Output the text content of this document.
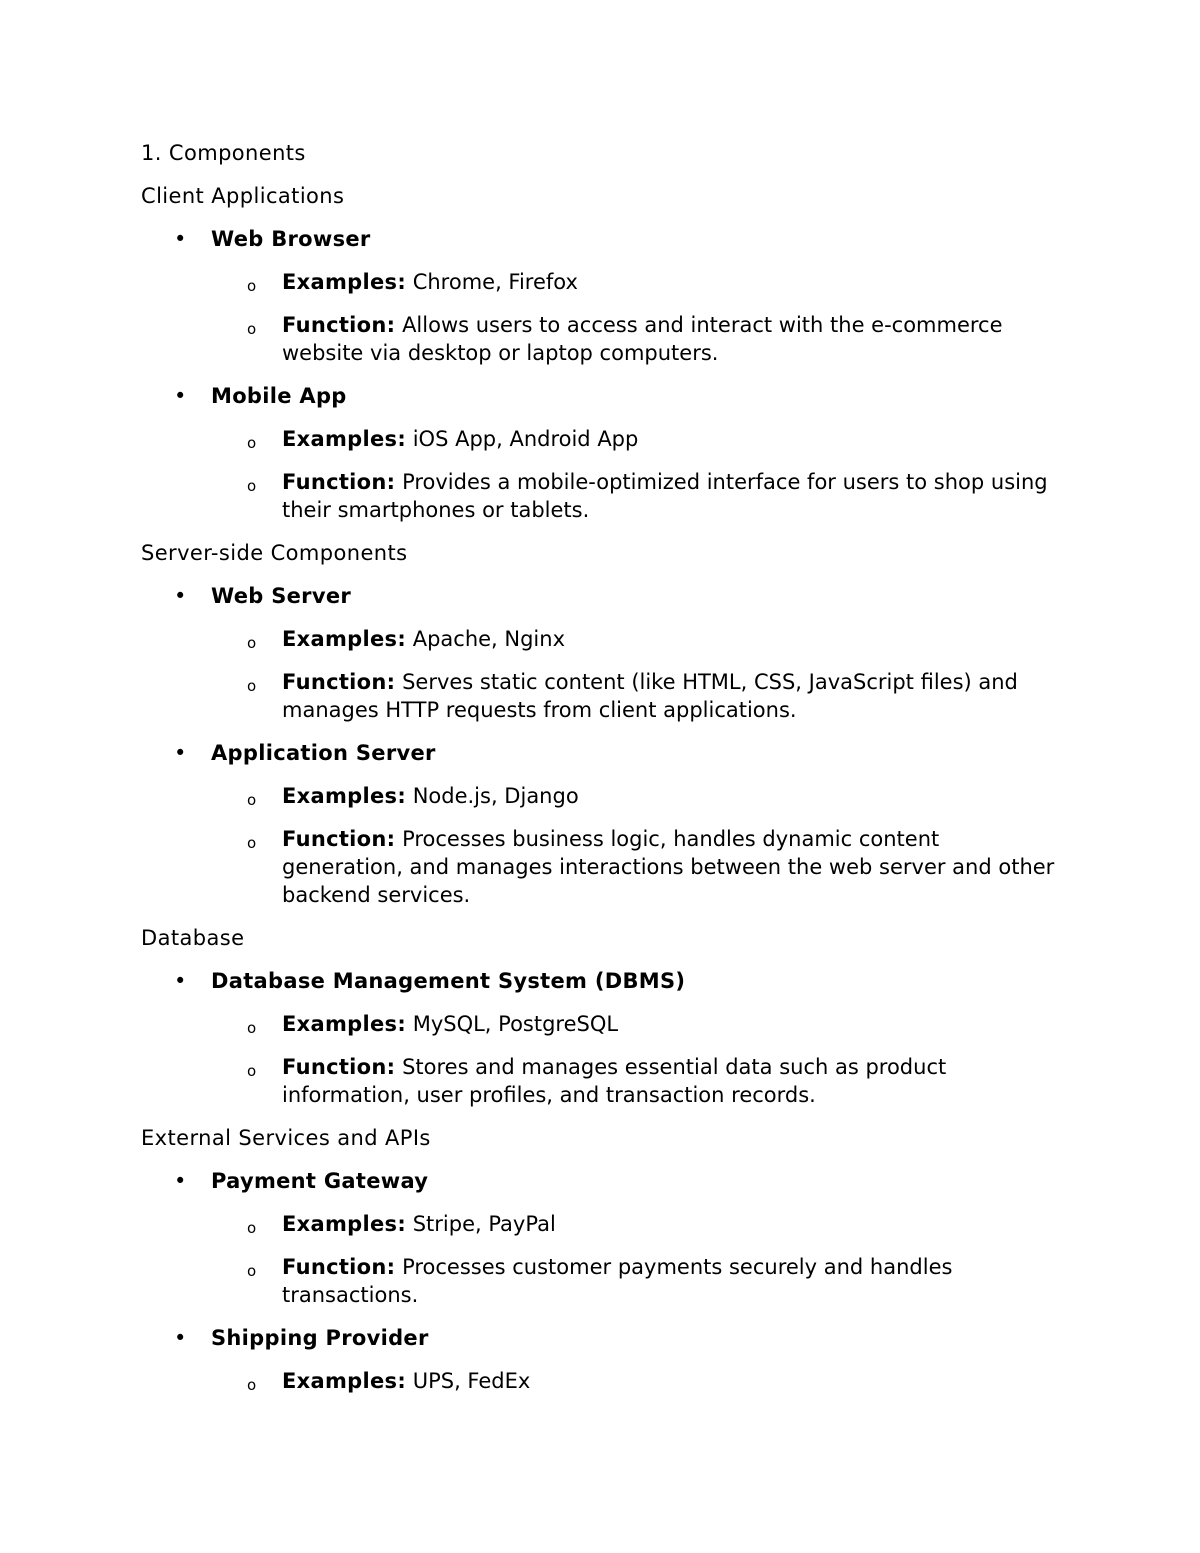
1. Components

Client Applications

• Web Browser
o Examples: Chrome, Firefox
o Function: Allows users to access and interact with the e-commerce website via desktop or laptop computers.
• Mobile App
o Examples: iOS App, Android App
o Function: Provides a mobile-optimized interface for users to shop using their smartphones or tablets.

Server-side Components

• Web Server
o Examples: Apache, Nginx
o Function: Serves static content (like HTML, CSS, JavaScript files) and manages HTTP requests from client applications.
• Application Server
o Examples: Node.js, Django
o Function: Processes business logic, handles dynamic content generation, and manages interactions between the web server and other backend services.

Database

• Database Management System (DBMS)
o Examples: MySQL, PostgreSQL
o Function: Stores and manages essential data such as product information, user profiles, and transaction records.

External Services and APIs

• Payment Gateway
o Examples: Stripe, PayPal
o Function: Processes customer payments securely and handles transactions.
• Shipping Provider
o Examples: UPS, FedEx
